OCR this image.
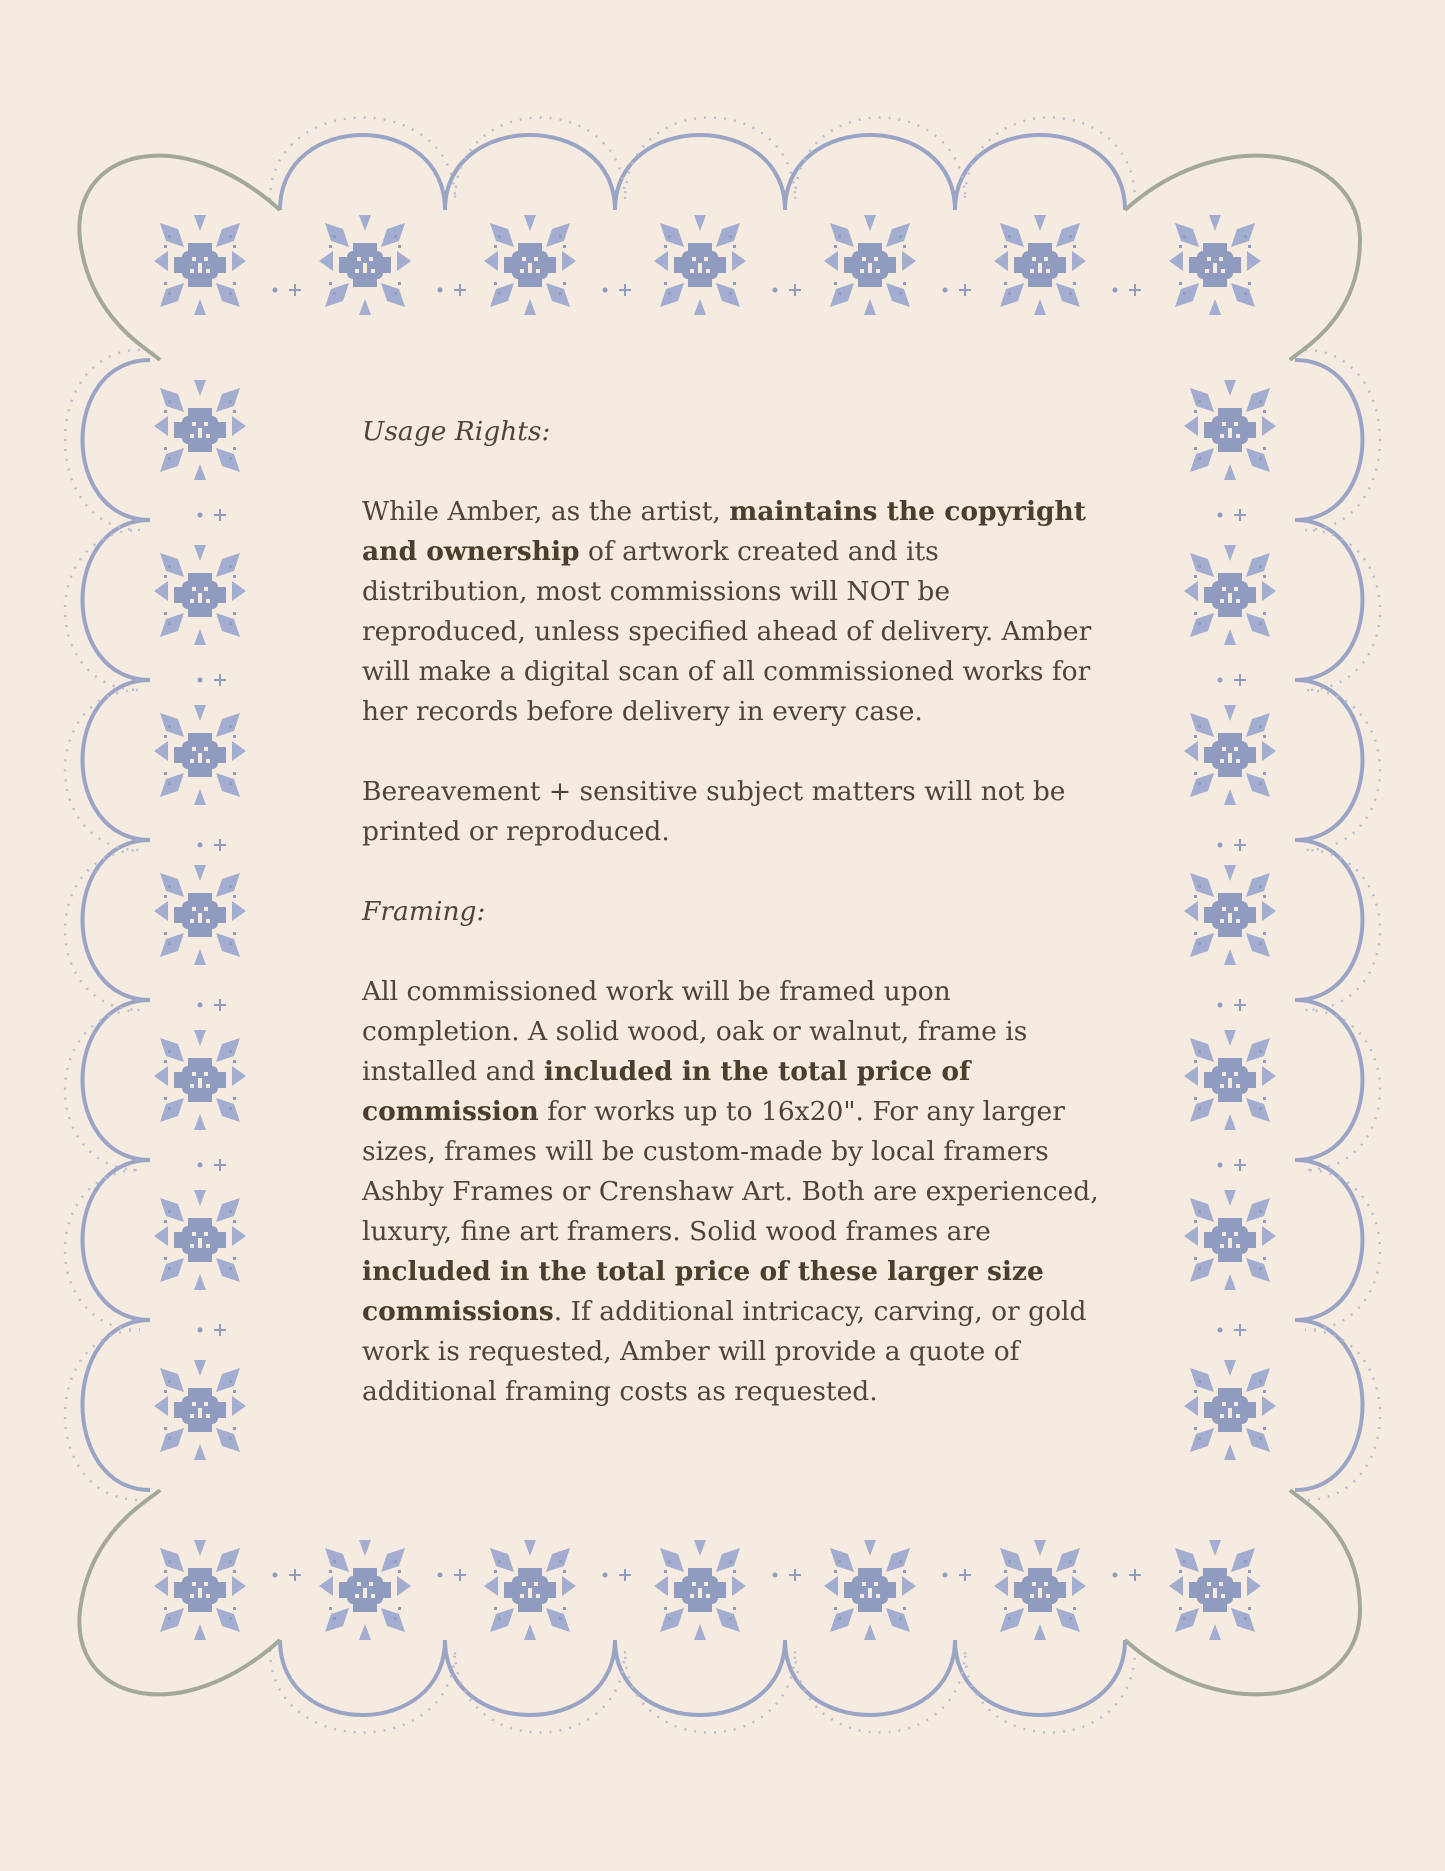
Usage Rights:

While Amber, as the artist, maintains the copyright and ownership of artwork created and its distribution, most commissions will NOT be reproduced, unless specified ahead of delivery. Amber will make a digital scan of all commissioned works for her records before delivery in every case.

Bereavement + sensitive subject matters will not be printed or reproduced.

Framing:

All commissioned work will be framed upon completion. A solid wood, oak or walnut, frame is installed and included in the total price of commission for works up to 16x20". For any larger sizes, frames will be custom-made by local framers Ashby Frames or Crenshaw Art. Both are experienced, luxury, fine art framers. Solid wood frames are included in the total price of these larger size commissions. If additional intricacy, carving, or gold work is requested, Amber will provide a quote of additional framing costs as requested.
